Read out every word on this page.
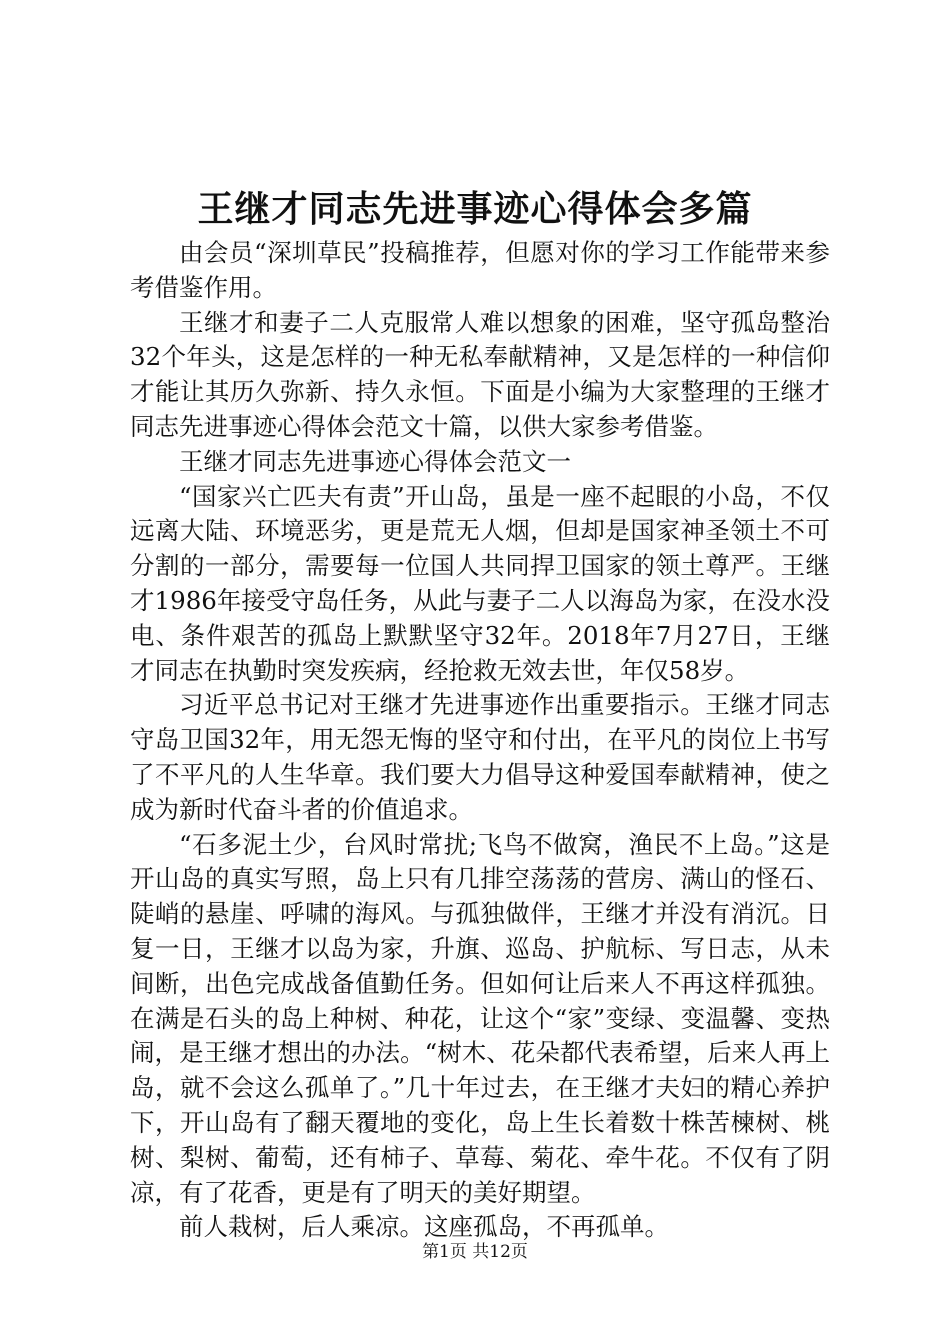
王继才同志先进事迹心得体会多篇

由会员“深圳草民”投稿推荐，但愿对你的学习工作能带来参考借鉴作用。

王继才和妻子二人克服常人难以想象的困难，坚守孤岛整治32个年头，这是怎样的一种无私奉献精神，又是怎样的一种信仰才能让其历久弥新、持久永恒。下面是小编为大家整理的王继才同志先进事迹心得体会范文十篇，以供大家参考借鉴。

王继才同志先进事迹心得体会范文一

“国家兴亡匹夫有责”开山岛，虽是一座不起眼的小岛，不仅远离大陆、环境恶劣，更是荒无人烟，但却是国家神圣领土不可分割的一部分，需要每一位国人共同捍卫国家的领土尊严。王继才1986年接受守岛任务，从此与妻子二人以海岛为家，在没水没电、条件艰苦的孤岛上默默坚守32年。2018年7月27日，王继才同志在执勤时突发疾病，经抢救无效去世，年仅58岁。

习近平总书记对王继才先进事迹作出重要指示。王继才同志守岛卫国32年，用无怨无悔的坚守和付出，在平凡的岗位上书写了不平凡的人生华章。我们要大力倡导这种爱国奉献精神，使之成为新时代奋斗者的价值追求。

“石多泥土少，台风时常扰;飞鸟不做窝，渔民不上岛。”这是开山岛的真实写照，岛上只有几排空荡荡的营房、满山的怪石、陡峭的悬崖、呼啸的海风。与孤独做伴，王继才并没有消沉。日复一日，王继才以岛为家，升旗、巡岛、护航标、写日志，从未间断，出色完成战备值勤任务。但如何让后来人不再这样孤独。在满是石头的岛上种树、种花，让这个“家”变绿、变温馨、变热闹，是王继才想出的办法。“树木、花朵都代表希望，后来人再上岛，就不会这么孤单了。”几十年过去，在王继才夫妇的精心养护下，开山岛有了翻天覆地的变化，岛上生长着数十株苦楝树、桃树、梨树、葡萄，还有柿子、草莓、菊花、牵牛花。不仅有了阴凉，有了花香，更是有了明天的美好期望。

前人栽树，后人乘凉。这座孤岛，不再孤单。

第1页 共12页
